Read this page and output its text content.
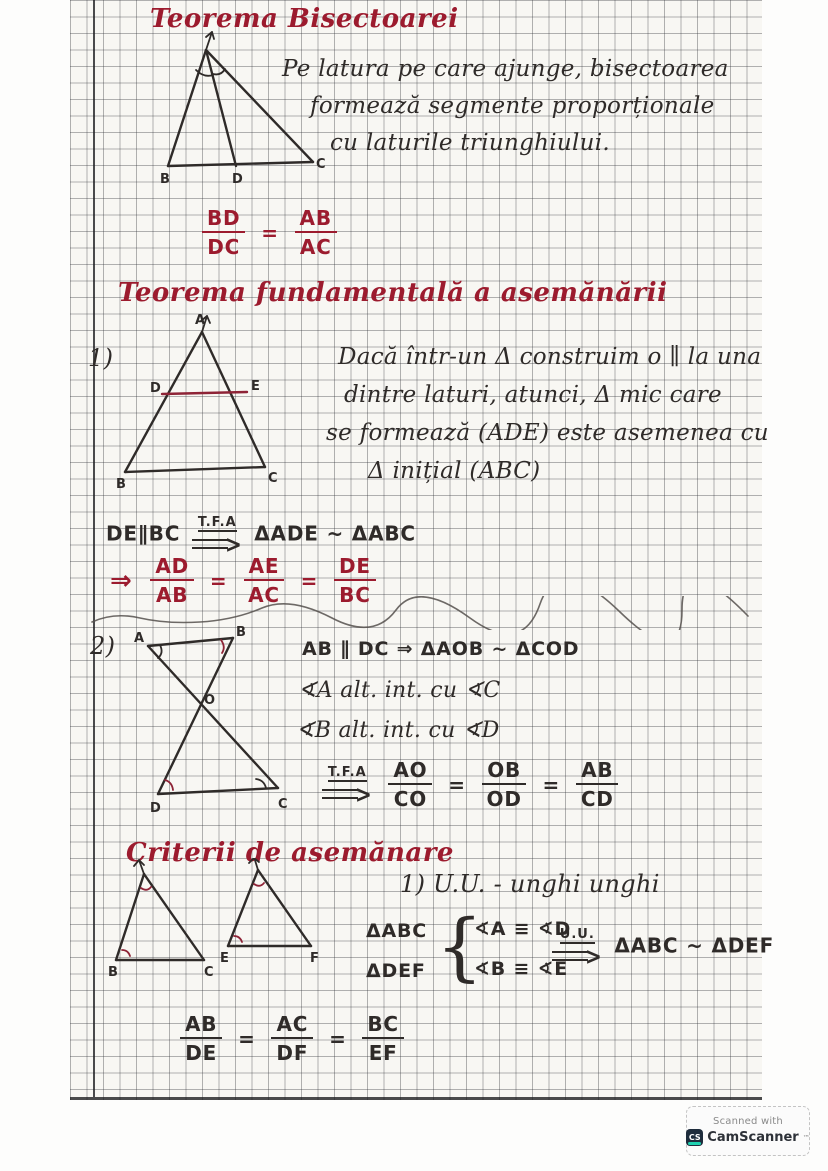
Teorema Bisectoarei
B	D
C
Pe latura pe care ajunge, bisectoarea
formează segmente proporționale
cu laturile triunghiului.
$\frac{BD}{DC} = \frac{AB}{AC}$
Teorema fundamentală a asemănării
1)
A
D	E
B	C
Dacă într-un Δ construim o ∥ la una
dintre laturi, atunci, Δ mic care
se formează (ADE) este asemenea cu
Δ inițial (ABC)
DE∥BC T.F.A
> ΔADE ~ ΔABC
⇒ $\frac{AD}{AB} = \frac{AE}{AC} = \frac{DE}{BC}$
2) A	B
O
D	C
AB ∥ DC ⇒ ΔAOB ~ ΔCOD
∢A alt. int. cu ∢C
∢B alt. int. cu ∢D
T.F.A
>
$\frac{AO}{CO} = \frac{OB}{OD} = \frac{AB}{CD}$
Criterii de asemănare
B	C
E	F
1) U.U. - unghi unghi
ΔABC
ΔDEF {
∢A ≡ ∢D
∢B ≡ ∢E
U.U.
> ΔABC ~ ΔDEF
$\frac{AB}{DE} = \frac{AC}{DF} = \frac{BC}{EF}$
Scanned with
CS CamScanner ™
